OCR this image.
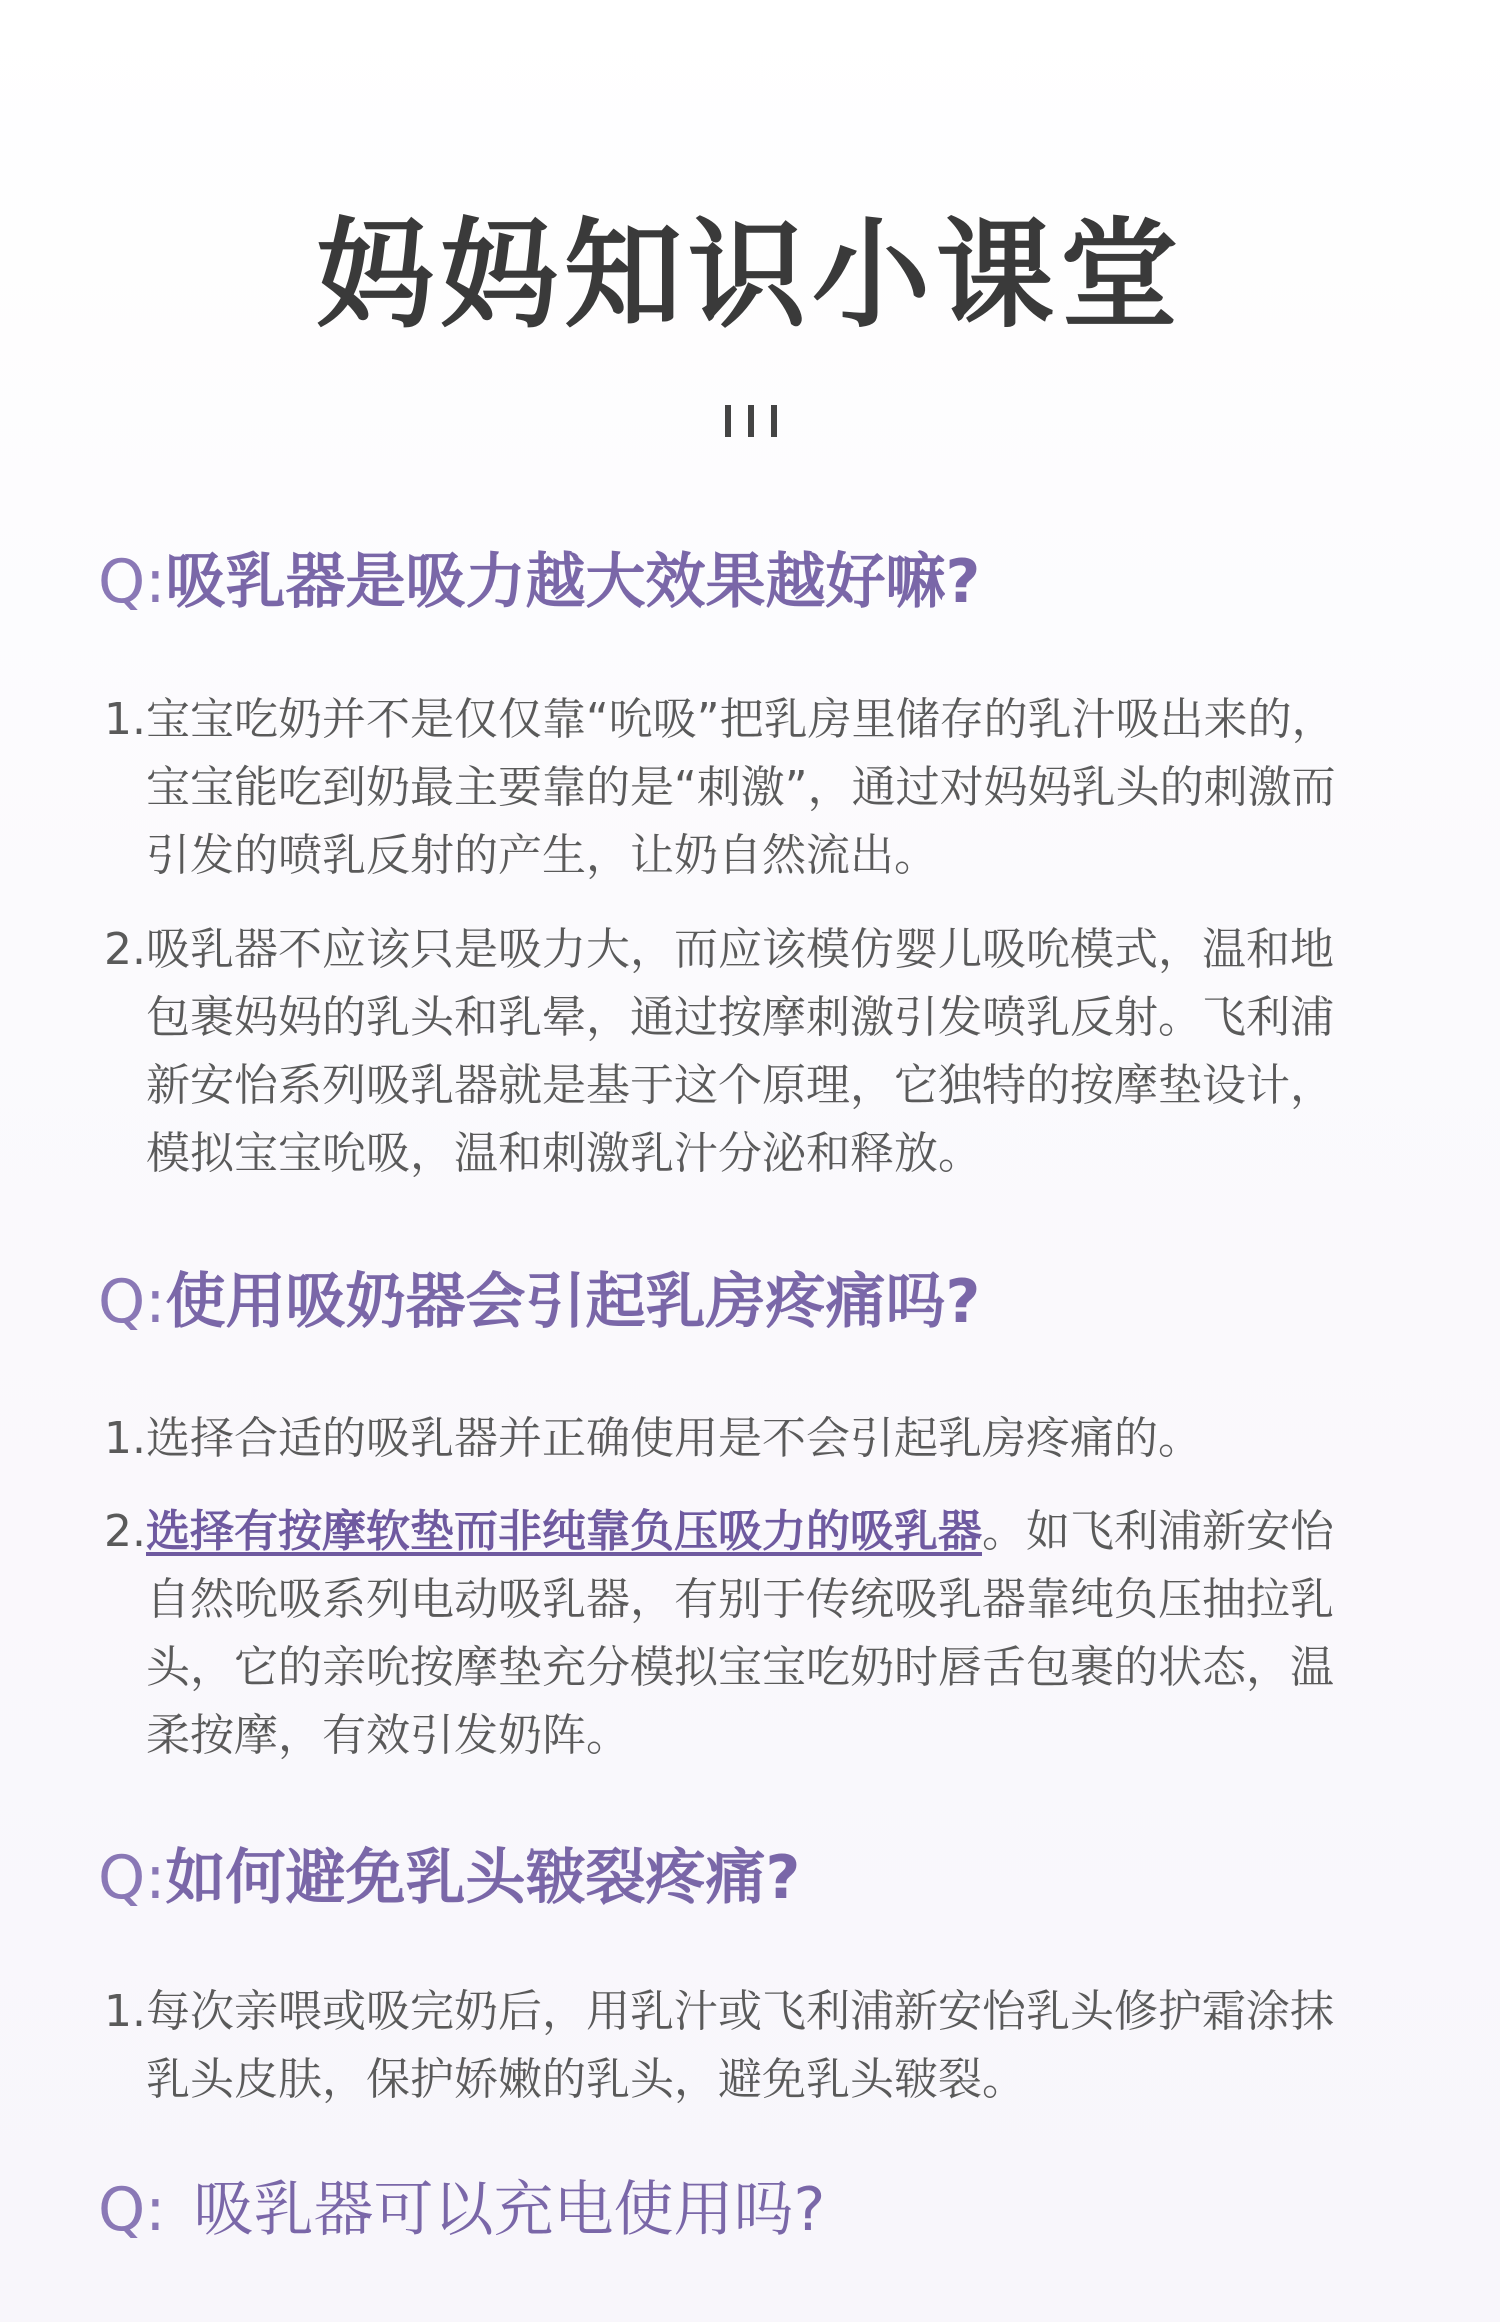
妈妈知识小课堂
Q:吸乳器是吸力越大效果越好嘛?
1. 宝宝吃奶并不是仅仅靠“吮吸”把乳房里储存的乳汁吸出来的，宝宝能吃到奶最主要靠的是“刺激”，通过对妈妈乳头的刺激而引发的喷乳反射的产生，让奶自然流出。
2. 吸乳器不应该只是吸力大，而应该模仿婴儿吸吮模式，温和地包裹妈妈的乳头和乳晕，通过按摩刺激引发喷乳反射。飞利浦新安怡系列吸乳器就是基于这个原理，它独特的按摩垫设计，模拟宝宝吮吸，温和刺激乳汁分泌和释放。
Q:使用吸奶器会引起乳房疼痛吗?
1. 选择合适的吸乳器并正确使用是不会引起乳房疼痛的。
2. 选择有按摩软垫而非纯靠负压吸力的吸乳器。如飞利浦新安怡自然吮吸系列电动吸乳器，有别于传统吸乳器靠纯负压抽拉乳头，它的亲吮按摩垫充分模拟宝宝吃奶时唇舌包裹的状态，温柔按摩，有效引发奶阵。
Q:如何避免乳头皲裂疼痛?
1. 每次亲喂或吸完奶后，用乳汁或飞利浦新安怡乳头修护霜涂抹乳头皮肤，保护娇嫩的乳头，避免乳头皲裂。
Q: 吸乳器可以充电使用吗?
